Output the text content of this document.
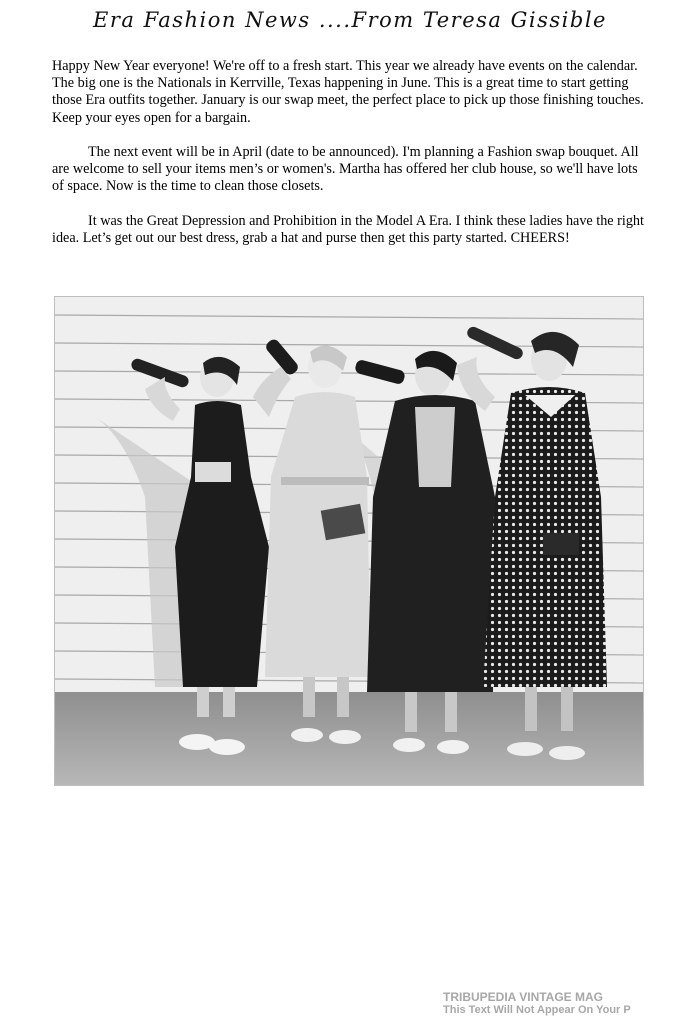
Era Fashion News ....From Teresa Gissible

Happy New Year everyone! We're off to a fresh start. This year we already have events on the calendar. The big one is the Nationals in Kerrville, Texas happening in June. This is a great time to start getting those Era outfits together. January is our swap meet, the perfect place to pick up those finishing touches. Keep your eyes open for a bargain.

The next event will be in April (date to be announced). I'm planning a Fashion swap bouquet. All are welcome to sell your items men’s or women's. Martha has offered her club house, so we'll have lots of space. Now is the time to clean those closets.

It was the Great Depression and Prohibition in the Model A Era. I think these ladies have the right idea. Let’s get out our best dress, grab a hat and purse then get this party started. CHEERS!

TRIBUPEDIA VINTAGE MAG
This Text Will Not Appear On Your P
